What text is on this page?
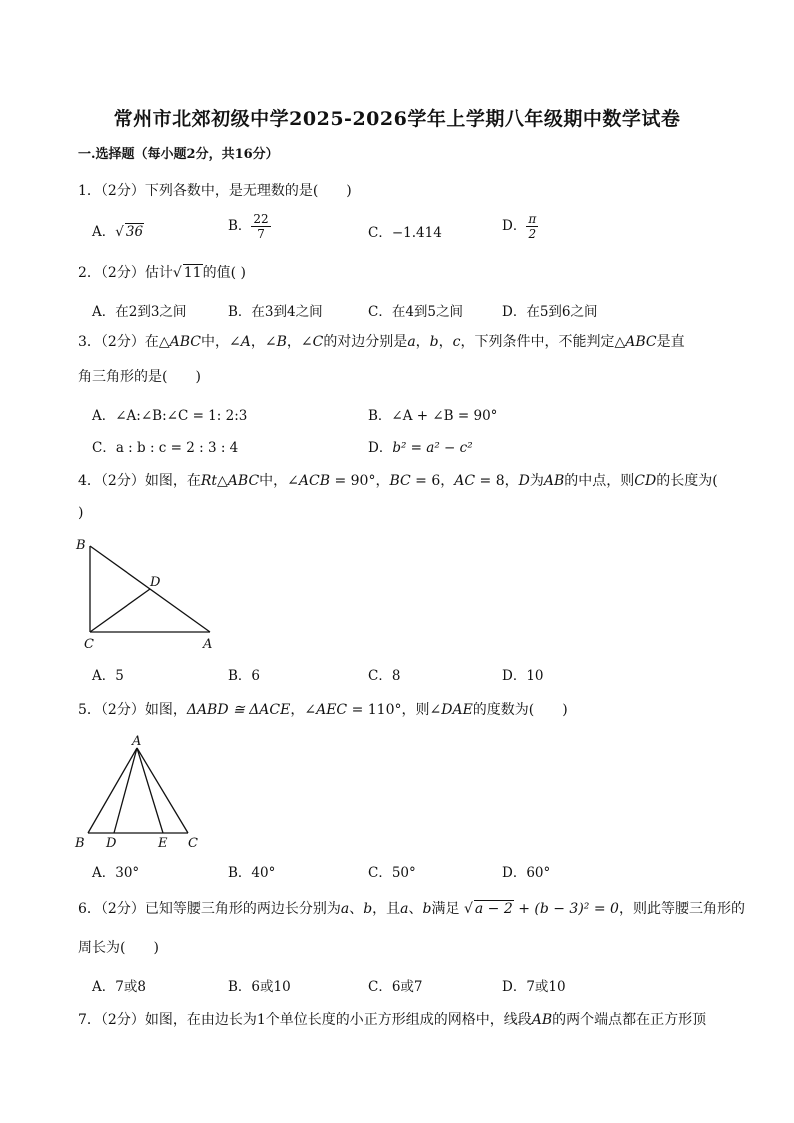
常州市北郊初级中学2025-2026学年上学期八年级期中数学试卷
一.选择题（每小题2分，共16分）
1．（2分）下列各数中，是无理数的是(　　)
A．√ 36	B． $\frac{22}{7}$	C．−1.414	D． $\frac{\pi}{2}$
2．（2分）估计√ 11的值( )
A．在2到3之间	B．在3到4之间	C．在4到5之间	D．在5到6之间
3．（2分）在△ABC中，∠A，∠B，∠C的对边分别是a，b，c，下列条件中，不能判定△ABC是直
角三角形的是(　　)
A．∠A:∠B:∠C = 1: 2:3	B．∠A + ∠B = 90°
C．a : b : c = 2 : 3 : 4	D．b² = a² − c²
4．（2分）如图，在Rt△ABC中，∠ACB = 90°，BC = 6，AC = 8，D为AB的中点，则CD的长度为(
)
B
C	A
D
A．5	B．6	C．8	D．10
5．（2分）如图，ΔABD ≅ ΔACE，∠AEC = 110°，则∠DAE的度数为(　　)
A
B D	E C
A．30°	B．40°	C．50°	D．60°
6．（2分）已知等腰三角形的两边长分别为a、b，且a、b满足 √ a − 2 + (b − 3)² = 0，则此等腰三角形的
周长为(　　)
A．7或8	B．6或10	C．6或7	D．7或10
7．（2分）如图，在由边长为1个单位长度的小正方形组成的网格中，线段AB的两个端点都在正方形顶
